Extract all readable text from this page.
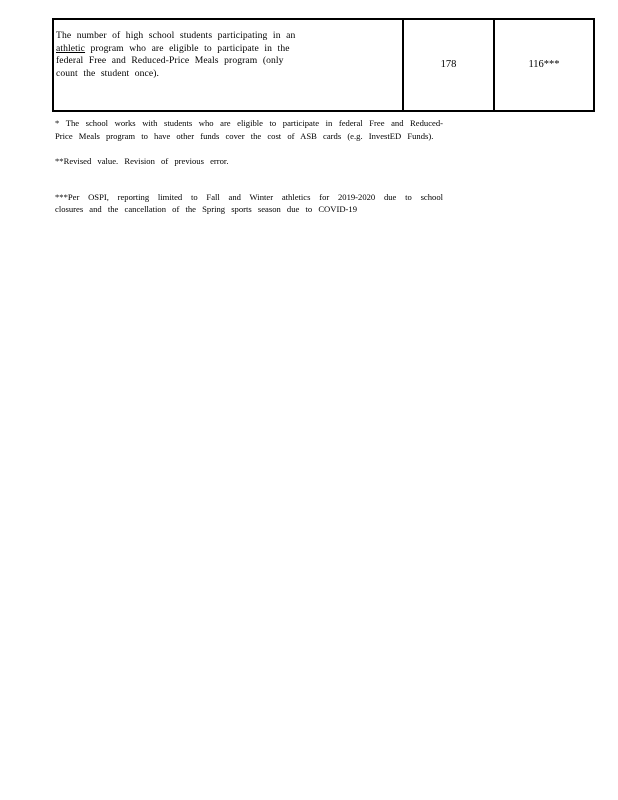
The number of high school students participating in an
athletic program who are eligible to participate in the
federal Free and Reduced-Price Meals program (only
count the student once).
	178	116***

* The school works with students who are eligible to participate in federal Free and Reduced-Price Meals program to have other funds cover the cost of ASB cards (e.g. InvestED Funds).

**Revised value. Revision of previous error.

***Per OSPI, reporting limited to Fall and Winter athletics for 2019-2020 due to school closures and the cancellation of the Spring sports season due to COVID-19
